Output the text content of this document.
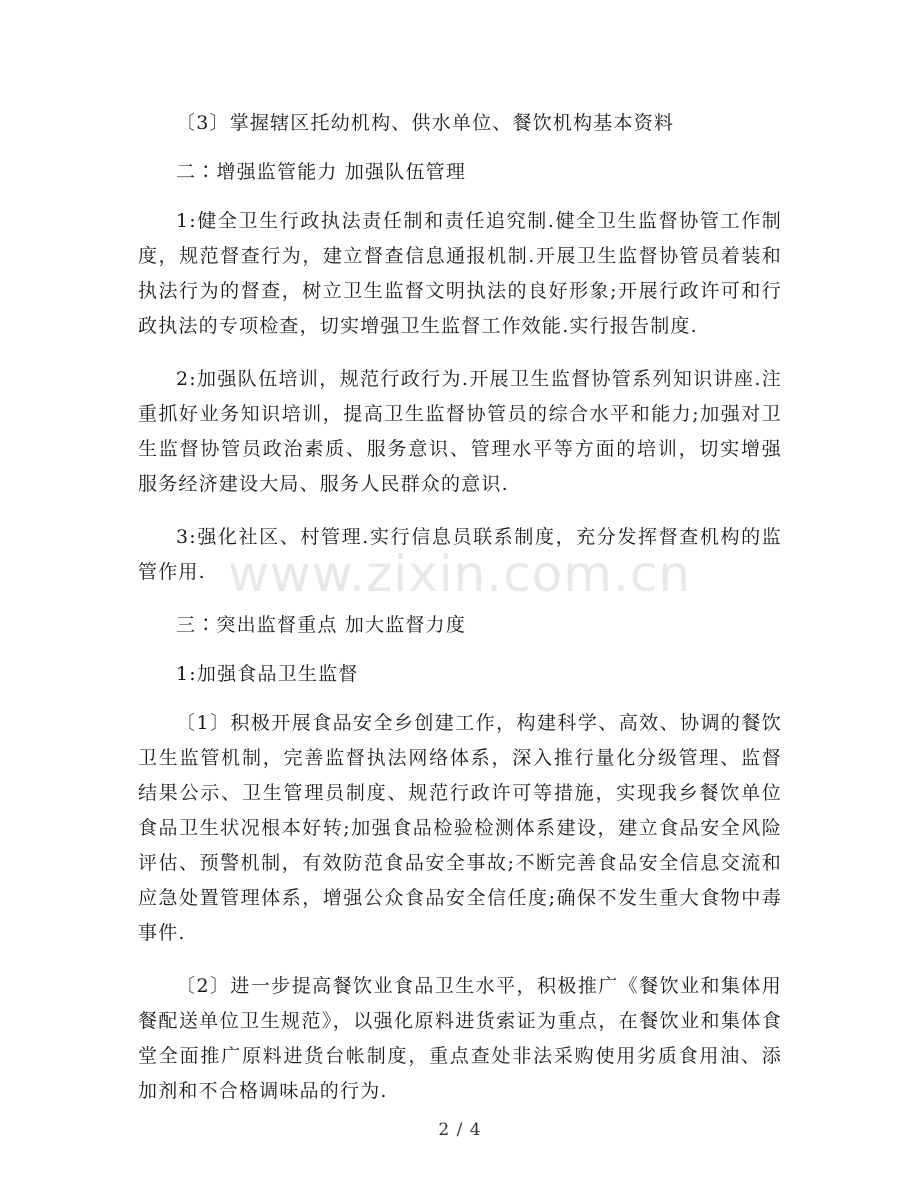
〔3〕掌握辖区托幼机构、供水单位、餐饮机构基本资料

二∶增强监管能力 加强队伍管理

1:健全卫生行政执法责任制和责任追究制.健全卫生监督协管工作制度，规范督查行为，建立督查信息通报机制.开展卫生监督协管员着装和执法行为的督查，树立卫生监督文明执法的良好形象;开展行政许可和行政执法的专项检查，切实增强卫生监督工作效能.实行报告制度.

2:加强队伍培训，规范行政行为.开展卫生监督协管系列知识讲座.注重抓好业务知识培训，提高卫生监督协管员的综合水平和能力;加强对卫生监督协管员政治素质、服务意识、管理水平等方面的培训，切实增强服务经济建设大局、服务人民群众的意识.

3:强化社区、村管理.实行信息员联系制度，充分发挥督查机构的监管作用.

三∶突出监督重点 加大监督力度

1:加强食品卫生监督

〔1〕积极开展食品安全乡创建工作，构建科学、高效、协调的餐饮卫生监管机制，完善监督执法网络体系，深入推行量化分级管理、监督结果公示、卫生管理员制度、规范行政许可等措施，实现我乡餐饮单位食品卫生状况根本好转;加强食品检验检测体系建设，建立食品安全风险评估、预警机制，有效防范食品安全事故;不断完善食品安全信息交流和应急处置管理体系，增强公众食品安全信任度;确保不发生重大食物中毒事件.

〔2〕进一步提高餐饮业食品卫生水平，积极推广《餐饮业和集体用餐配送单位卫生规范》，以强化原料进货索证为重点，在餐饮业和集体食堂全面推广原料进货台帐制度，重点查处非法采购使用劣质食用油、添加剂和不合格调味品的行为.

www.zixin.com.cn
2 / 4
